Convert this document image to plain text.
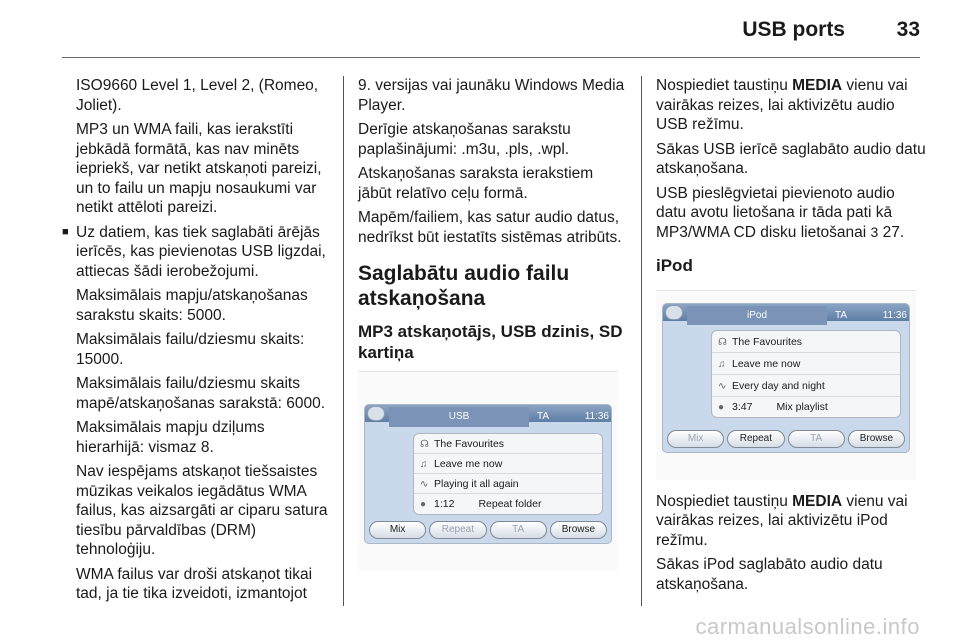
USB ports 33

ISO9660 Level 1, Level 2, (Romeo, Joliet).

MP3 un WMA faili, kas ierakstīti jebkādā formātā, kas nav minēts iepriekš, var netikt atskaņoti pareizi, un to failu un mapju nosaukumi var netikt attēloti pareizi.

■ Uz datiem, kas tiek saglabāti ārējās ierīcēs, kas pievienotas USB ligzdai, attiecas šādi ierobežojumi.

Maksimālais mapju/atskaņošanas sarakstu skaits: 5000.

Maksimālais failu/dziesmu skaits: 15000.

Maksimālais failu/dziesmu skaits mapē/atskaņošanas sarakstā: 6000.

Maksimālais mapju dziļums hierarhijā: vismaz 8.

Nav iespējams atskaņot tiešsaistes mūzikas veikalos iegādātus WMA failus, kas aizsargāti ar ciparu satura tiesību pārvaldības (DRM) tehnoloģiju.

WMA failus var droši atskaņot tikai tad, ja tie tika izveidoti, izmantojot

9. versijas vai jaunāku Windows Media Player.

Derīgie atskaņošanas sarakstu paplašinājumi: .m3u, .pls, .wpl.

Atskaņošanas saraksta ierakstiem jābūt relatīvo ceļu formā.

Mapēm/failiem, kas satur audio datus, nedrīkst būt iestatīts sistēmas atribūts.

Saglabātu audio failu atskaņošana
MP3 atskaņotājs, USB dzinis, SD kartiņa
USB	TA	11:36
☊ The Favourites
♫ Leave me now
∿ Playing it all again
● 1:12 Repeat folder
Mix	Repeat	TA	Browse

Nospiediet taustiņu MEDIA vienu vai vairākas reizes, lai aktivizētu audio USB režīmu.

Sākas USB ierīcē saglabāto audio datu atskaņošana.

USB pieslēgvietai pievienoto audio datu avotu lietošana ir tāda pati kā MP3/WMA CD disku lietošanai 3 27.

iPod
iPod	TA	11:36
☊ The Favourites
♫ Leave me now
∿ Every day and night
● 3:47 Mix playlist
Mix	Repeat	TA	Browse

Nospiediet taustiņu MEDIA vienu vai vairākas reizes, lai aktivizētu iPod režīmu.

Sākas iPod saglabāto audio datu atskaņošana.

carmanualsonline.info
